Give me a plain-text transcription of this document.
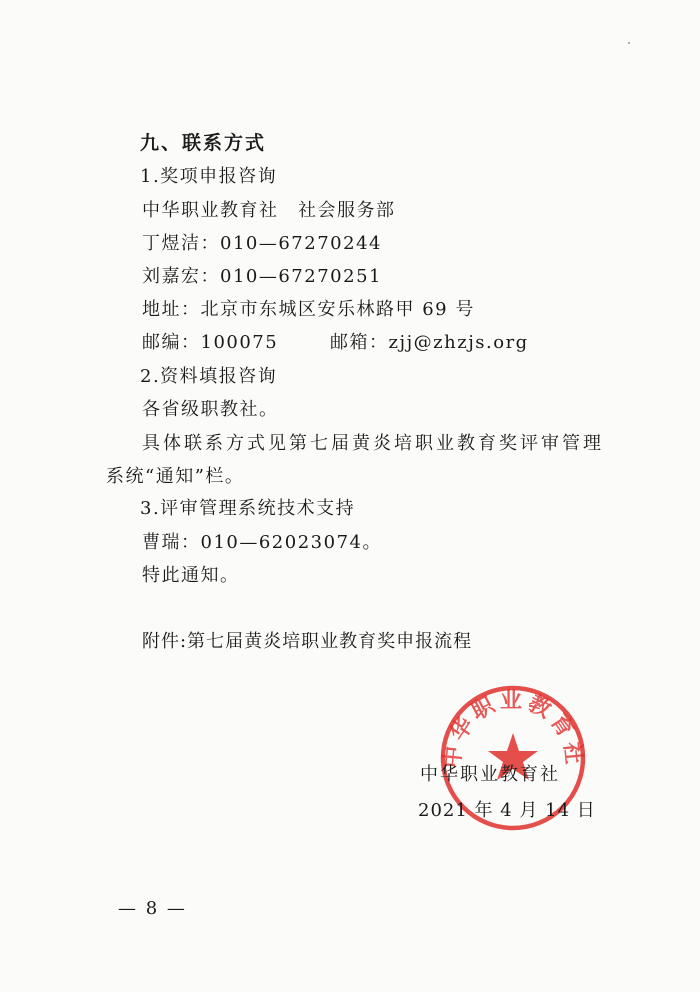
九、联系方式
1.奖项申报咨询
中华职业教育社　社会服务部
丁煜洁：010—67270244
刘嘉宏：010—67270251
地址：北京市东城区安乐林路甲 69 号
邮编：100075	邮箱：zjj@zhzjs.org
2.资料填报咨询
各省级职教社。
具体联系方式见第七届黄炎培职业教育奖评审管理
系统“通知”栏。
3.评审管理系统技术支持
曹瑞：010—62023074。
特此通知。
附件:第七届黄炎培职业教育奖申报流程
中华职业教育社
中华职业教育社
2021 年 4 月 14 日
— 8 —
